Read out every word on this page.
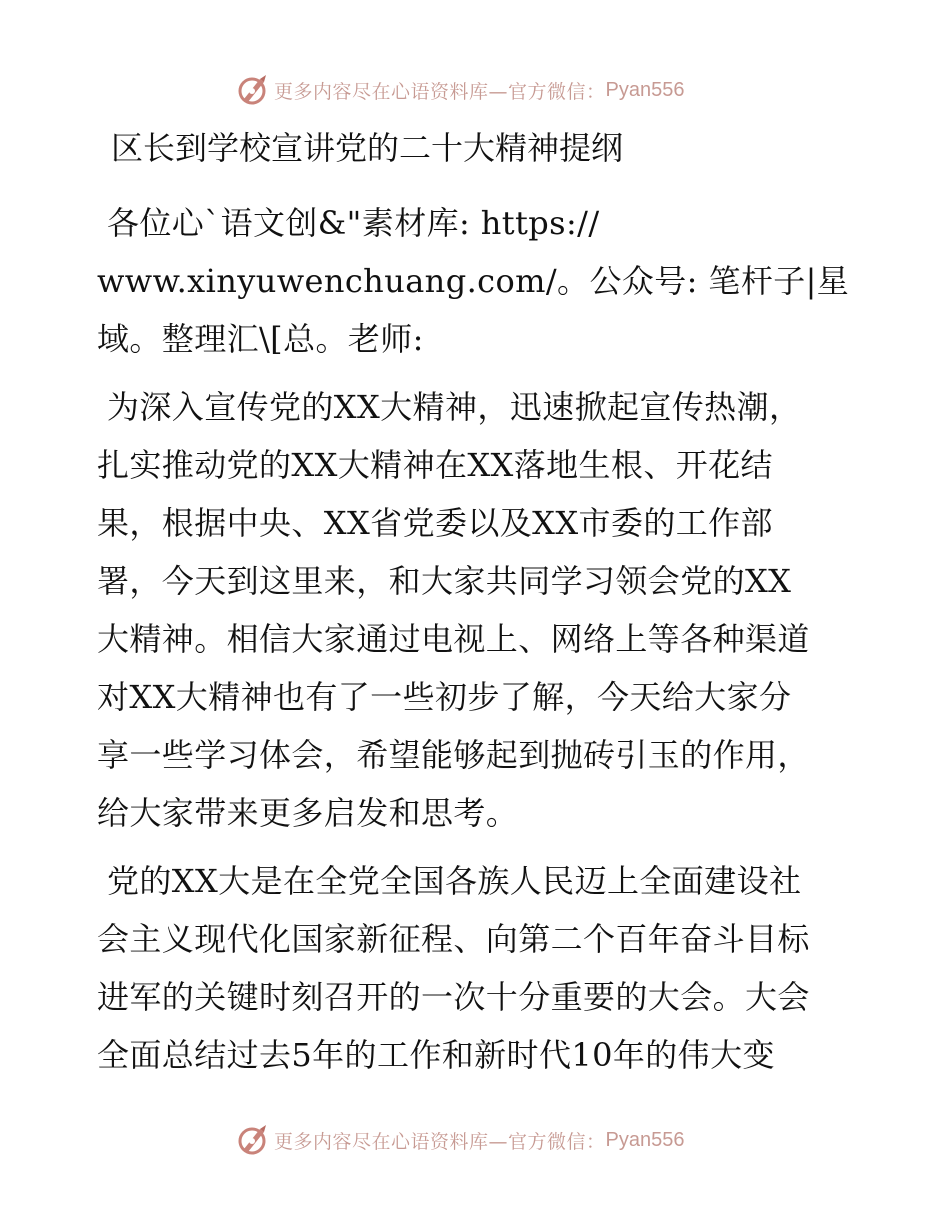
更多内容尽在心语资料库—官方微信： Pyan556
区长到学校宣讲党的二十大精神提纲
各位心`语文创&"素材库: https://
www.xinyuwenchuang.com/。公众号: 笔杆子|星
域。整理汇\[总。老师:
为深入宣传党的XX大精神，迅速掀起宣传热潮，
扎实推动党的XX大精神在XX落地生根、开花结
果，根据中央、XX省党委以及XX市委的工作部
署，今天到这里来，和大家共同学习领会党的XX
大精神。相信大家通过电视上、网络上等各种渠道
对XX大精神也有了一些初步了解，今天给大家分
享一些学习体会，希望能够起到抛砖引玉的作用，
给大家带来更多启发和思考。
党的XX大是在全党全国各族人民迈上全面建设社
会主义现代化国家新征程、向第二个百年奋斗目标
进军的关键时刻召开的一次十分重要的大会。大会
全面总结过去5年的工作和新时代10年的伟大变
更多内容尽在心语资料库—官方微信： Pyan556
